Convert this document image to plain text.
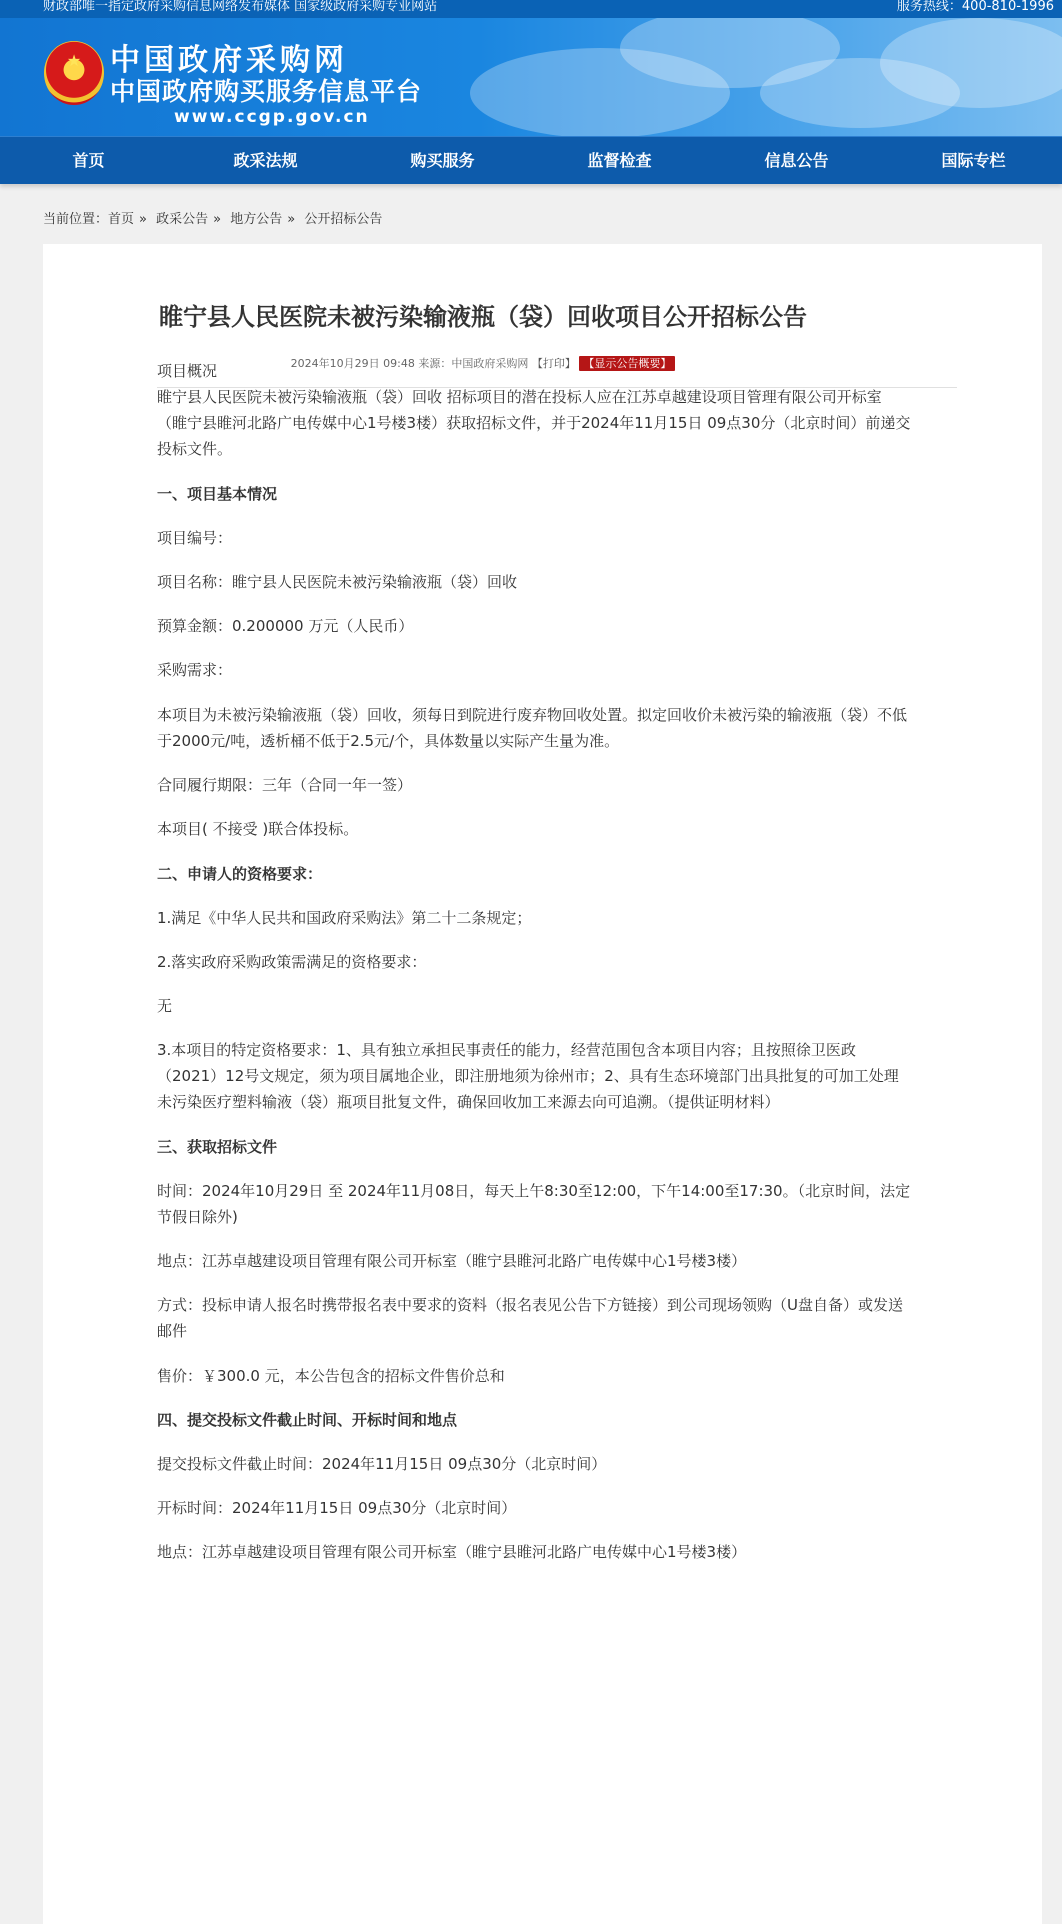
财政部唯一指定政府采购信息网络发布媒体 国家级政府采购专业网站	服务热线：400-810-1996
★ 中国政府采购网
中国政府购买服务信息平台
www.ccgp.gov.cn
首页	政采法规	购买服务	监督检查	信息公告	国际专栏
当前位置：首页 » 政采公告 » 地方公告 » 公开招标公告
睢宁县人民医院未被污染输液瓶（袋）回收项目公开招标公告
2024年10月29日 09:48 来源：中国政府采购网 【打印】 【显示公告概要】
项目概况
睢宁县人民医院未被污染输液瓶（袋）回收 招标项目的潜在投标人应在江苏卓越建设项目管理有限公司开标室
（睢宁县睢河北路广电传媒中心1号楼3楼）获取招标文件，并于2024年11月15日 09点30分（北京时间）前递交
投标文件。
一、项目基本情况
项目编号：
项目名称：睢宁县人民医院未被污染输液瓶（袋）回收
预算金额：0.200000 万元（人民币）
采购需求：
本项目为未被污染输液瓶（袋）回收，须每日到院进行废弃物回收处置。拟定回收价未被污染的输液瓶（袋）不低
于2000元/吨，透析桶不低于2.5元/个，具体数量以实际产生量为准。
合同履行期限：三年（合同一年一签）
本项目( 不接受 )联合体投标。
二、申请人的资格要求：
1.满足《中华人民共和国政府采购法》第二十二条规定；
2.落实政府采购政策需满足的资格要求：
无
3.本项目的特定资格要求：1、具有独立承担民事责任的能力，经营范围包含本项目内容；且按照徐卫医政
（2021）12号文规定，须为项目属地企业，即注册地须为徐州市；2、具有生态环境部门出具批复的可加工处理
未污染医疗塑料输液（袋）瓶项目批复文件，确保回收加工来源去向可追溯。（提供证明材料）
三、获取招标文件
时间：2024年10月29日 至 2024年11月08日，每天上午8:30至12:00，下午14:00至17:30。（北京时间，法定
节假日除外)
地点：江苏卓越建设项目管理有限公司开标室（睢宁县睢河北路广电传媒中心1号楼3楼）
方式：投标申请人报名时携带报名表中要求的资料（报名表见公告下方链接）到公司现场领购（U盘自备）或发送
邮件
售价：￥300.0 元，本公告包含的招标文件售价总和
四、提交投标文件截止时间、开标时间和地点
提交投标文件截止时间：2024年11月15日 09点30分（北京时间）
开标时间：2024年11月15日 09点30分（北京时间）
地点：江苏卓越建设项目管理有限公司开标室（睢宁县睢河北路广电传媒中心1号楼3楼）
